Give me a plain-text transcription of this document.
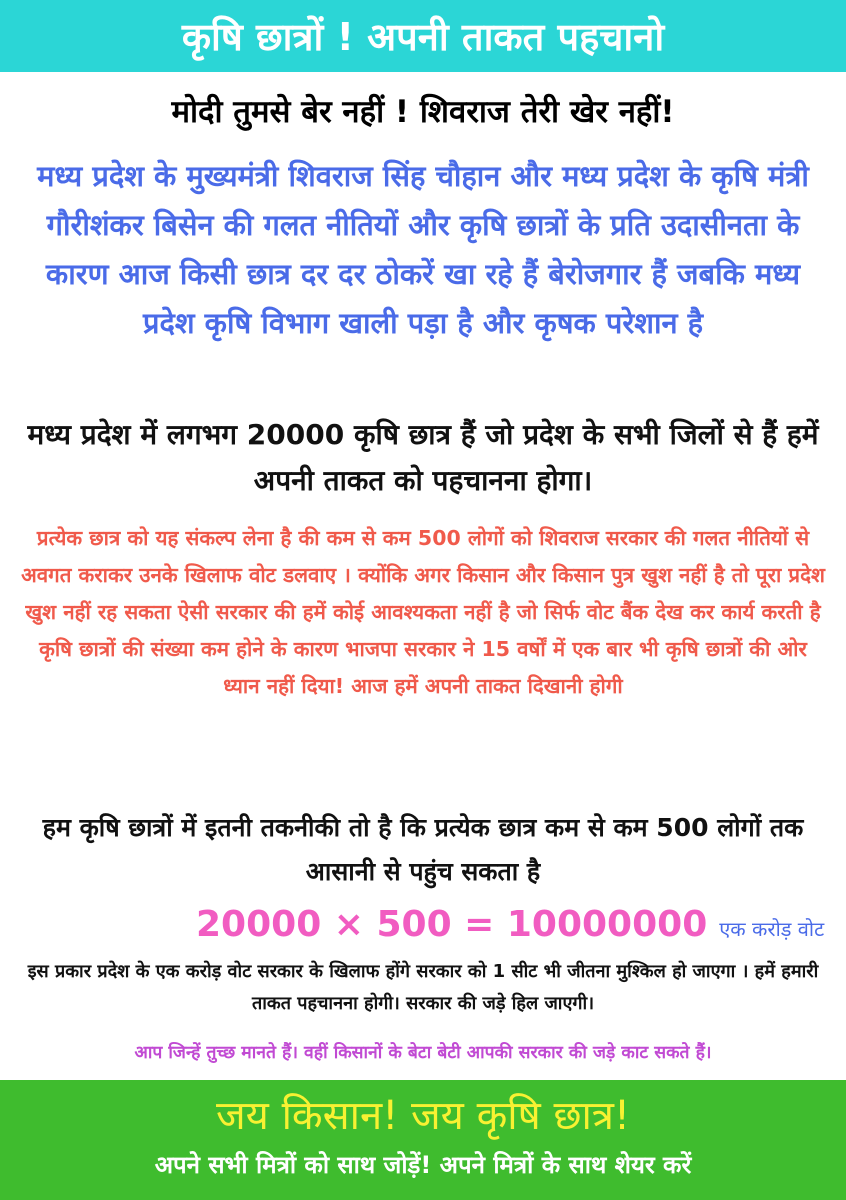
कृषि छात्रों ! अपनी ताकत पहचानो

मोदी तुमसे बेर नहीं ! शिवराज तेरी खेर नहीं!

मध्य प्रदेश के मुख्यमंत्री शिवराज सिंह चौहान और मध्य प्रदेश के कृषि मंत्री गौरीशंकर बिसेन की गलत नीतियों और कृषि छात्रों के प्रति उदासीनता के कारण आज किसी छात्र दर दर ठोकरें खा रहे हैं बेरोजगार हैं जबकि मध्य प्रदेश कृषि विभाग खाली पड़ा है और कृषक परेशान है

मध्य प्रदेश में लगभग 20000 कृषि छात्र हैं जो प्रदेश के सभी जिलों से हैं हमें अपनी ताकत को पहचानना होगा।

प्रत्येक छात्र को यह संकल्प लेना है की कम से कम 500 लोगों को शिवराज सरकार की गलत नीतियों से अवगत कराकर उनके खिलाफ वोट डलवाए । क्योंकि अगर किसान और किसान पुत्र खुश नहीं है तो पूरा प्रदेश खुश नहीं रह सकता ऐसी सरकार की हमें कोई आवश्यकता नहीं है जो सिर्फ वोट बैंक देख कर कार्य करती है कृषि छात्रों की संख्या कम होने के कारण भाजपा सरकार ने 15 वर्षों में एक बार भी कृषि छात्रों की ओर ध्यान नहीं दिया! आज हमें अपनी ताकत दिखानी होगी

हम कृषि छात्रों में इतनी तकनीकी तो है कि प्रत्येक छात्र कम से कम 500 लोगों तक आसानी से पहुंच सकता है

20000 × 500 = 10000000 एक करोड़ वोट

इस प्रकार प्रदेश के एक करोड़ वोट सरकार के खिलाफ होंगे सरकार को 1 सीट भी जीतना मुश्किल हो जाएगा । हमें हमारी ताकत पहचानना होगी। सरकार की जड़े हिल जाएगी।

आप जिन्हें तुच्छ मानते हैं। वहीं किसानों के बेटा बेटी आपकी सरकार की जड़े काट सकते हैं।

जय किसान! जय कृषि छात्र!
अपने सभी मित्रों को साथ जोड़ें! अपने मित्रों के साथ शेयर करें
